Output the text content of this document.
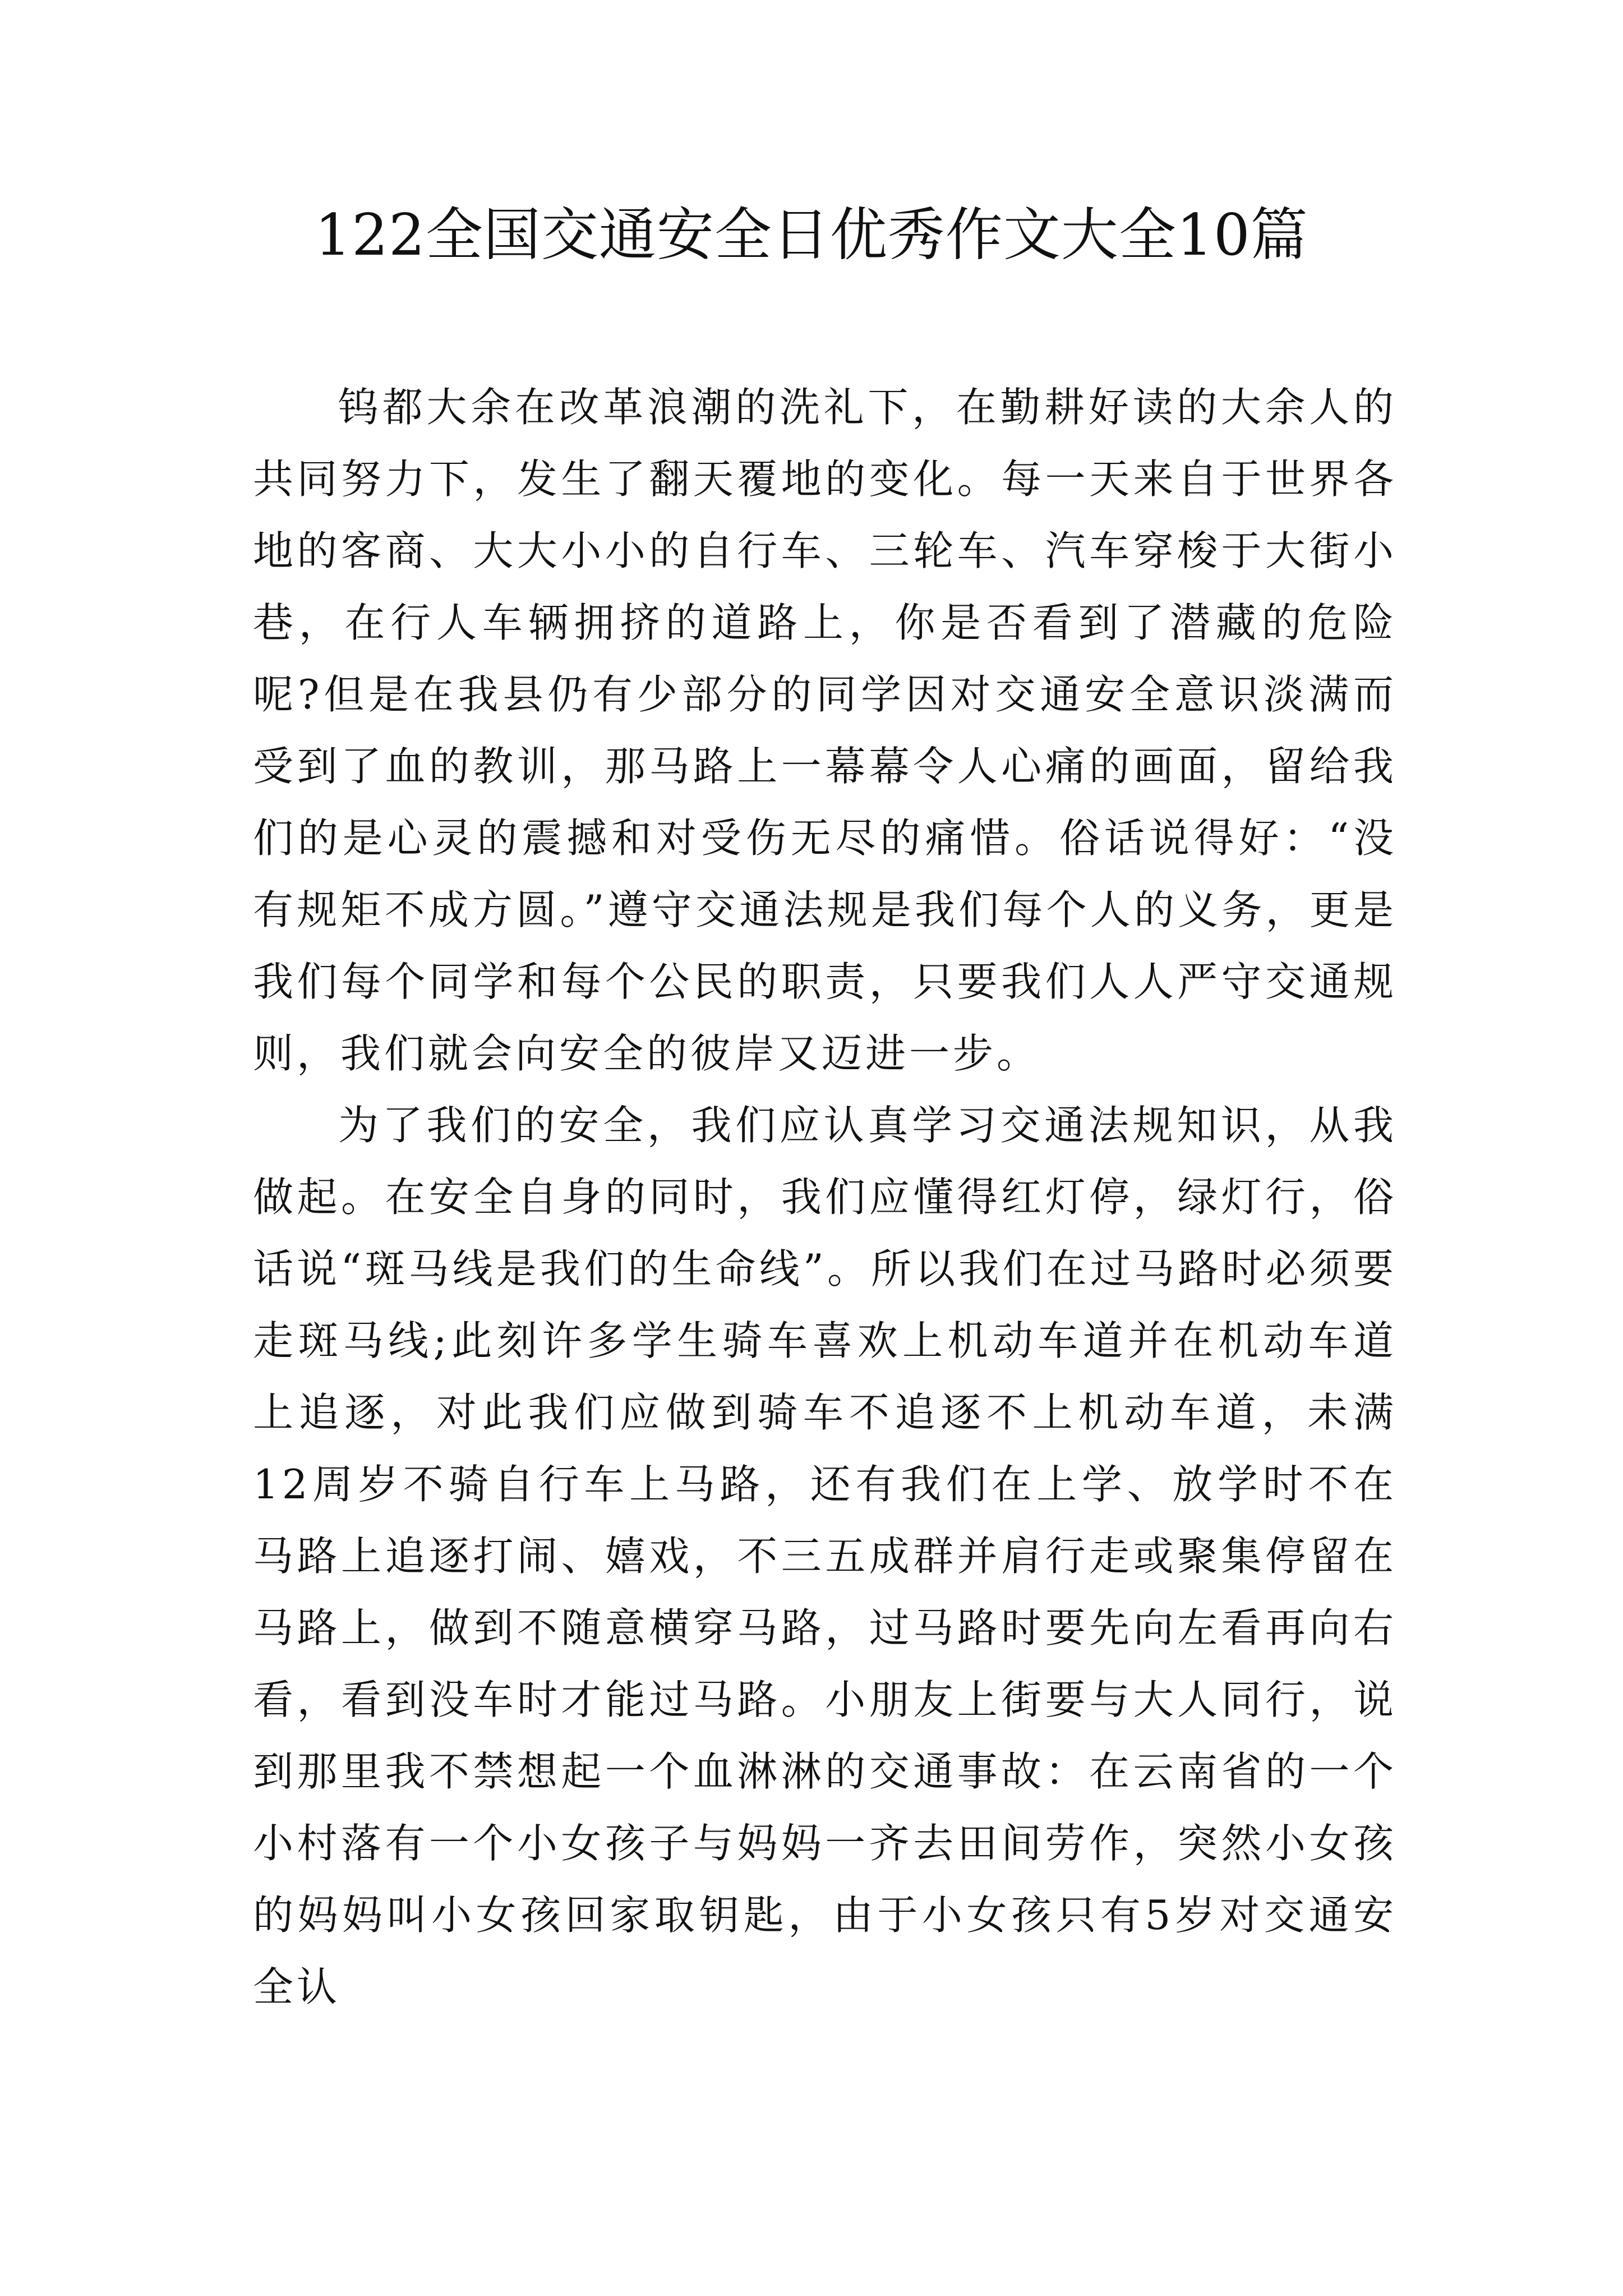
122全国交通安全日优秀作文大全10篇

钨都大余在改革浪潮的洗礼下，在勤耕好读的大余人的共同努力下，发生了翻天覆地的变化。每一天来自于世界各地的客商、大大小小的自行车、三轮车、汽车穿梭于大街小巷，在行人车辆拥挤的道路上，你是否看到了潜藏的危险呢?但是在我县仍有少部分的同学因对交通安全意识淡满而受到了血的教训，那马路上一幕幕令人心痛的画面，留给我们的是心灵的震撼和对受伤无尽的痛惜。俗话说得好：“没有规矩不成方圆。”遵守交通法规是我们每个人的义务，更是我们每个同学和每个公民的职责，只要我们人人严守交通规则，我们就会向安全的彼岸又迈进一步。

为了我们的安全，我们应认真学习交通法规知识，从我做起。在安全自身的同时，我们应懂得红灯停，绿灯行，俗话说“斑马线是我们的生命线”。所以我们在过马路时必须要走斑马线;此刻许多学生骑车喜欢上机动车道并在机动车道上追逐，对此我们应做到骑车不追逐不上机动车道，未满12周岁不骑自行车上马路，还有我们在上学、放学时不在马路上追逐打闹、嬉戏，不三五成群并肩行走或聚集停留在马路上，做到不随意横穿马路，过马路时要先向左看再向右看，看到没车时才能过马路。小朋友上街要与大人同行，说到那里我不禁想起一个血淋淋的交通事故：在云南省的一个小村落有一个小女孩子与妈妈一齐去田间劳作，突然小女孩的妈妈叫小女孩回家取钥匙，由于小女孩只有5岁对交通安全认
